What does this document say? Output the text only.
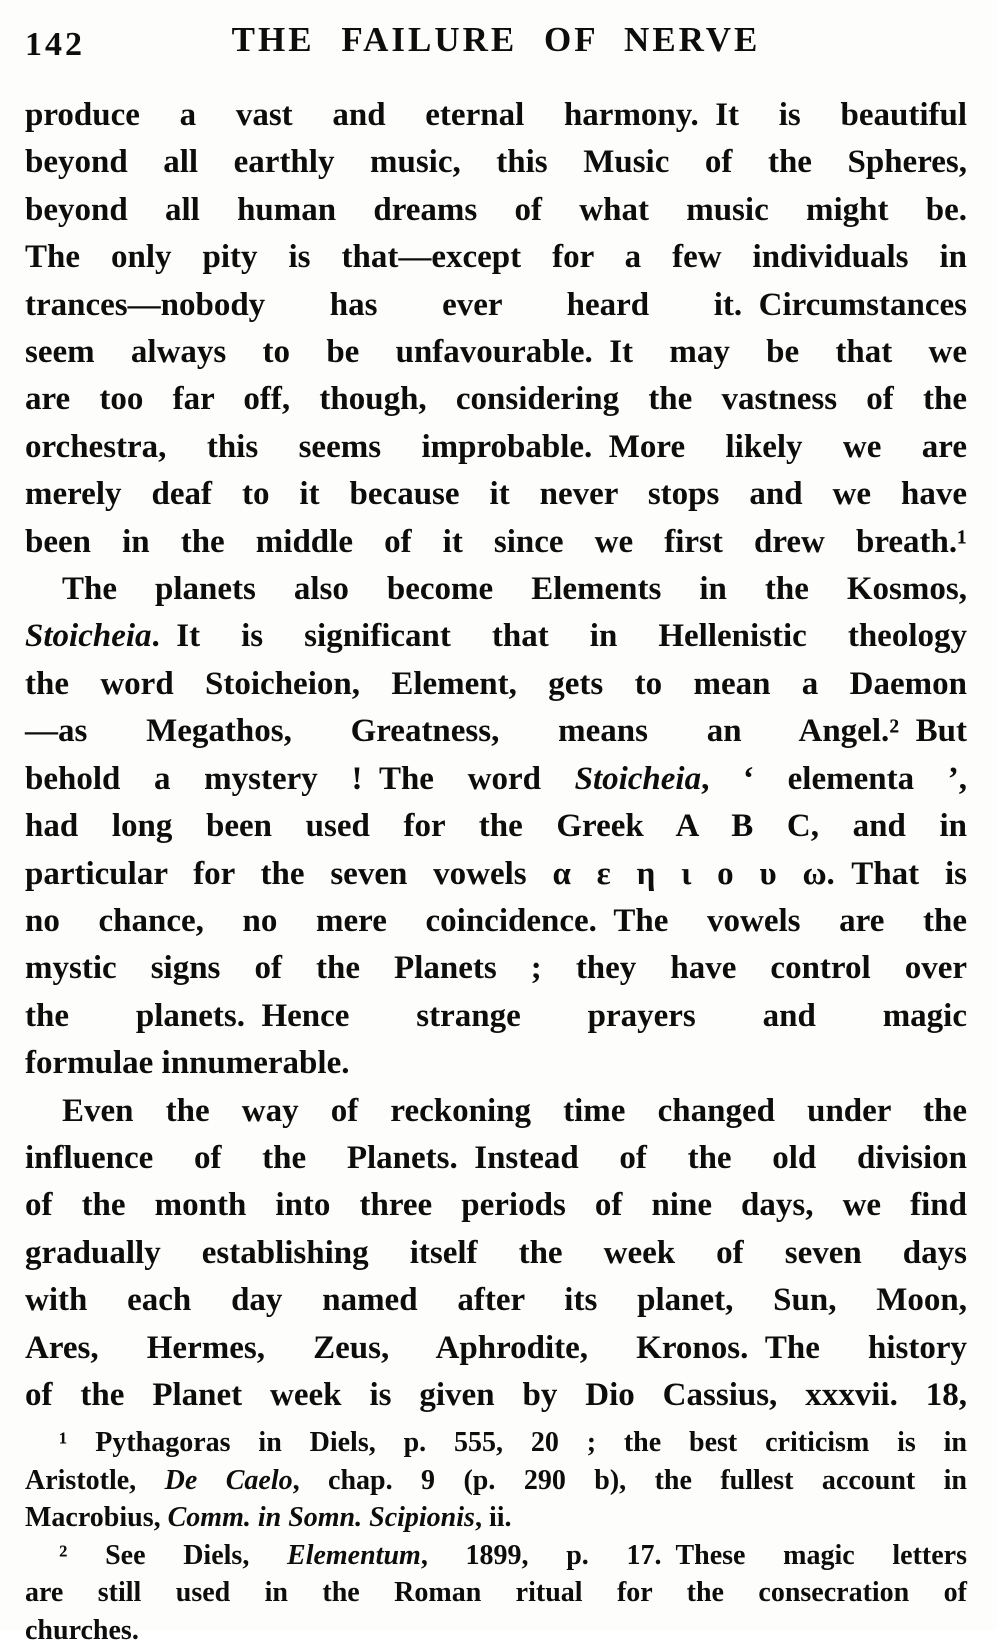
142	THE FAILURE OF NERVE
produce a vast and eternal harmony. It is beautiful
beyond all earthly music, this Music of the Spheres,
beyond all human dreams of what music might be.
The only pity is that—except for a few individuals in
trances—nobody has ever heard it. Circumstances
seem always to be unfavourable. It may be that we
are too far off, though, considering the vastness of the
orchestra, this seems improbable. More likely we are
merely deaf to it because it never stops and we have
been in the middle of it since we first drew breath.¹
The planets also become Elements in the Kosmos,
Stoicheia. It is significant that in Hellenistic theology
the word Stoicheion, Element, gets to mean a Daemon
—as Megathos, Greatness, means an Angel.² But
behold a mystery ! The word Stoicheia, ‘ elementa ’,
had long been used for the Greek A B C, and in
particular for the seven vowels α ε η ι ο υ ω. That is
no chance, no mere coincidence. The vowels are the
mystic signs of the Planets ; they have control over
the planets. Hence strange prayers and magic
formulae innumerable.
Even the way of reckoning time changed under the
influence of the Planets. Instead of the old division
of the month into three periods of nine days, we find
gradually establishing itself the week of seven days
with each day named after its planet, Sun, Moon,
Ares, Hermes, Zeus, Aphrodite, Kronos. The history
of the Planet week is given by Dio Cassius, xxxvii. 18,
¹ Pythagoras in Diels, p. 555, 20 ; the best criticism is in
Aristotle, De Caelo, chap. 9 (p. 290 b), the fullest account in
Macrobius, Comm. in Somn. Scipionis, ii.
² See Diels, Elementum, 1899, p. 17. These magic letters
are still used in the Roman ritual for the consecration of
churches.
